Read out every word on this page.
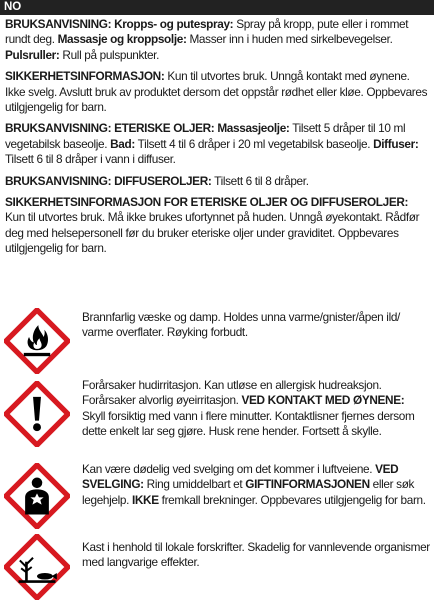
NO

BRUKSANVISNING: Kropps- og putespray: Spray på kropp, pute eller i rommet rundt deg. Massasje og kroppsolje: Masser inn i huden med sirkelbevegelser. Pulsruller: Rull på pulspunkter.

SIKKERHETSINFORMASJON: Kun til utvortes bruk. Unngå kontakt med øynene. Ikke svelg. Avslutt bruk av produktet dersom det oppstår rødhet eller kløe. Oppbevares utilgjengelig for barn.

BRUKSANVISNING: ETERISKE OLJER: Massasjeolje: Tilsett 5 dråper til 10 ml vegetabilsk baseolje. Bad: Tilsett 4 til 6 dråper i 20 ml vegetabilsk baseolje. Diffuser: Tilsett 6 til 8 dråper i vann i diffuser.

BRUKSANVISNING: DIFFUSEROLJER: Tilsett 6 til 8 dråper.

SIKKERHETSINFORMASJON FOR ETERISKE OLJER OG DIFFUSEROLJER: Kun til utvortes bruk. Må ikke brukes ufortynnet på huden. Unngå øyekontakt. Rådfør deg med helsepersonell før du bruker eteriske oljer under graviditet. Oppbevares utilgjengelig for barn.

Brannfarlig væske og damp. Holdes unna varme/gnister/åpen ild/ varme overflater. Røyking forbudt.
Forårsaker hudirritasjon. Kan utløse en allergisk hudreaksjon. Forårsaker alvorlig øyeirritasjon. VED KONTAKT MED ØYNENE: Skyll forsiktig med vann i flere minutter. Kontaktlisner fjernes dersom dette enkelt lar seg gjøre. Husk rene hender. Fortsett å skylle.
Kan være dødelig ved svelging om det kommer i luftveiene. VED SVELGING: Ring umiddelbart et GIFTINFORMASJONEN eller søk legehjelp. IKKE fremkall brekninger. Oppbevares utilgjengelig for barn.
Kast i henhold til lokale forskrifter. Skadelig for vannlevende organismer med langvarige effekter.
